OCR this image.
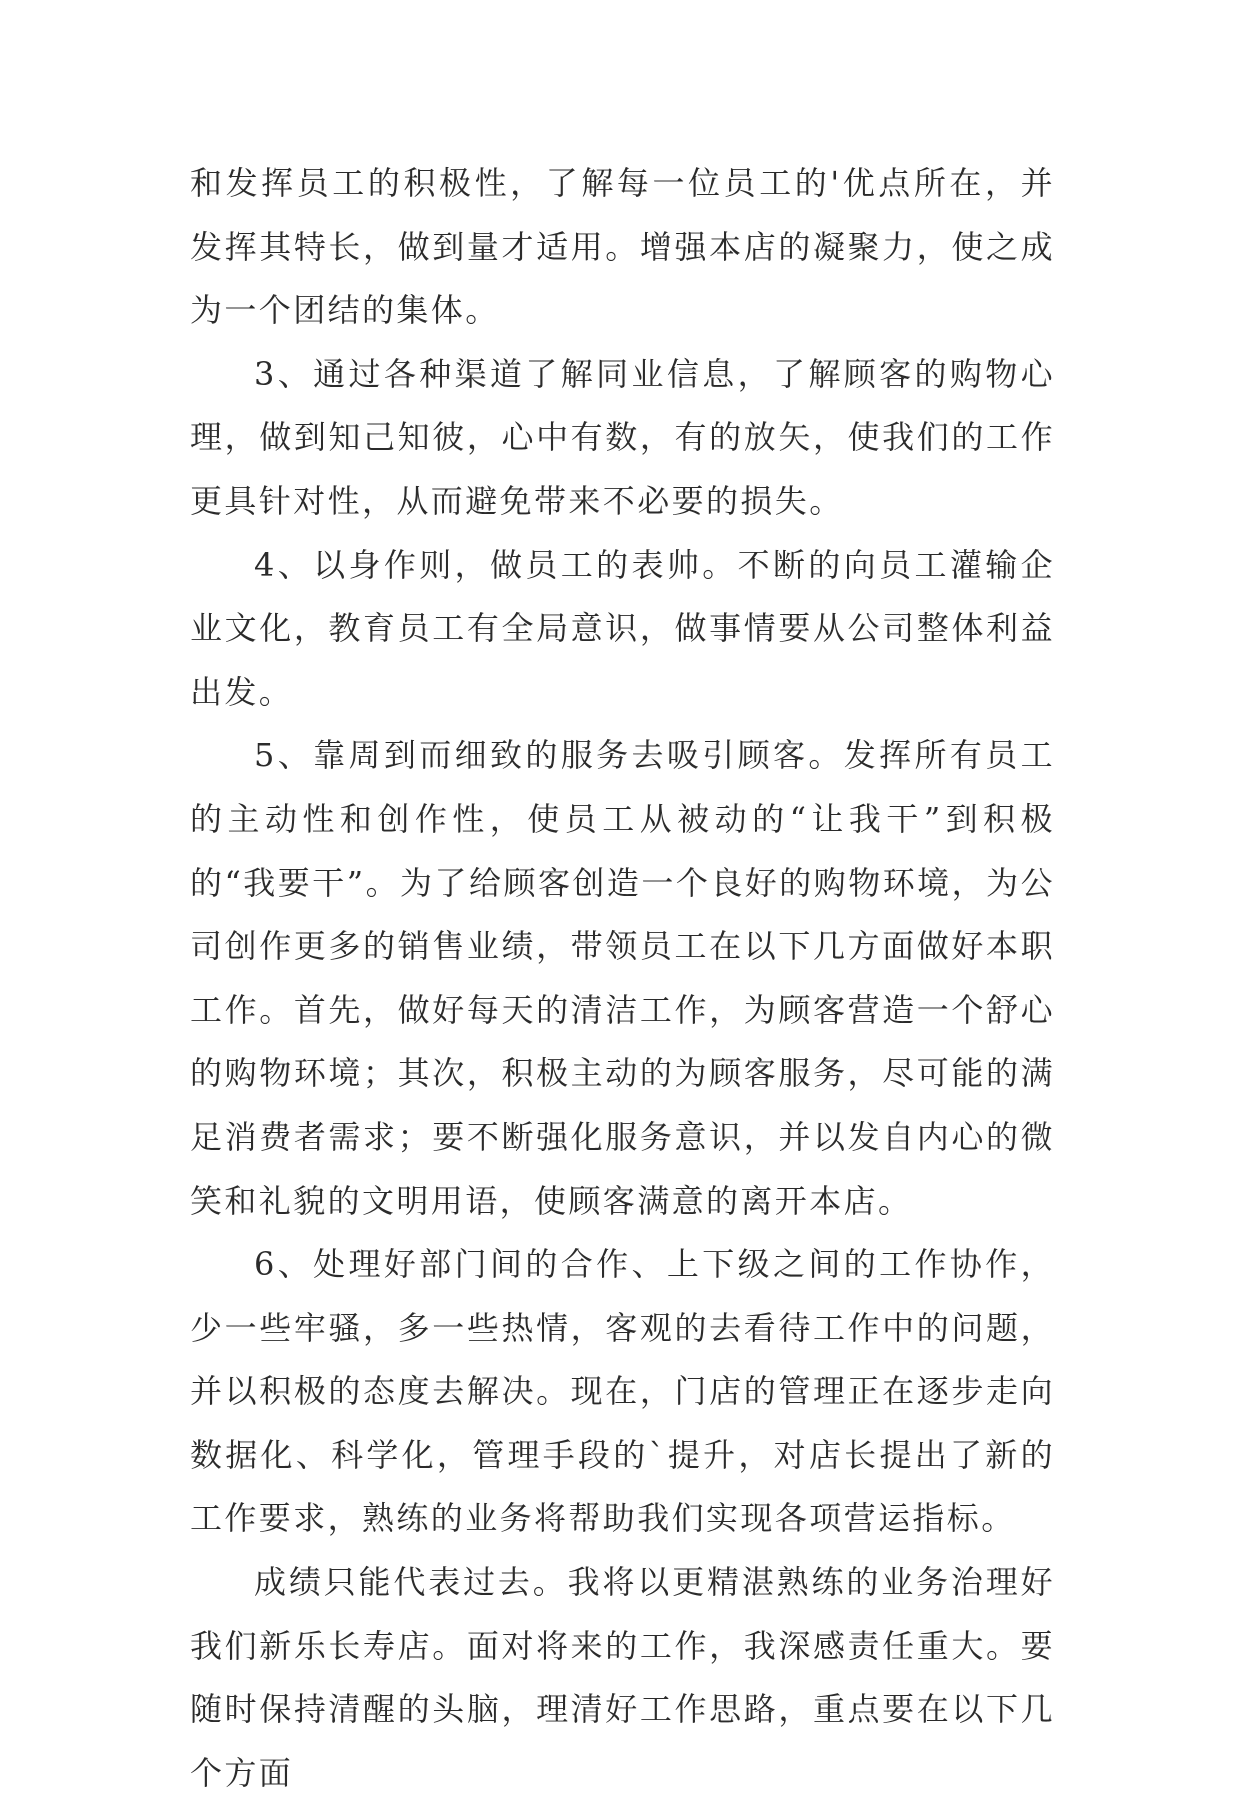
和发挥员工的积极性，了解每一位员工的'优点所在，并发挥其特长，做到量才适用。增强本店的凝聚力，使之成为一个团结的集体。

3、通过各种渠道了解同业信息，了解顾客的购物心理，做到知己知彼，心中有数，有的放矢，使我们的工作更具针对性，从而避免带来不必要的损失。

4、以身作则，做员工的表帅。不断的向员工灌输企业文化，教育员工有全局意识，做事情要从公司整体利益出发。

5、靠周到而细致的服务去吸引顾客。发挥所有员工的主动性和创作性，使员工从被动的“让我干”到积极的“我要干”。为了给顾客创造一个良好的购物环境，为公司创作更多的销售业绩，带领员工在以下几方面做好本职工作。首先，做好每天的清洁工作，为顾客营造一个舒心的购物环境；其次，积极主动的为顾客服务，尽可能的满足消费者需求；要不断强化服务意识，并以发自内心的微笑和礼貌的文明用语，使顾客满意的离开本店。

6、处理好部门间的合作、上下级之间的工作协作，少一些牢骚，多一些热情，客观的去看待工作中的问题，并以积极的态度去解决。现在，门店的管理正在逐步走向数据化、科学化，管理手段的`提升，对店长提出了新的工作要求，熟练的业务将帮助我们实现各项营运指标。

成绩只能代表过去。我将以更精湛熟练的业务治理好我们新乐长寿店。面对将来的工作，我深感责任重大。要随时保持清醒的头脑，理清好工作思路，重点要在以下几个方面
